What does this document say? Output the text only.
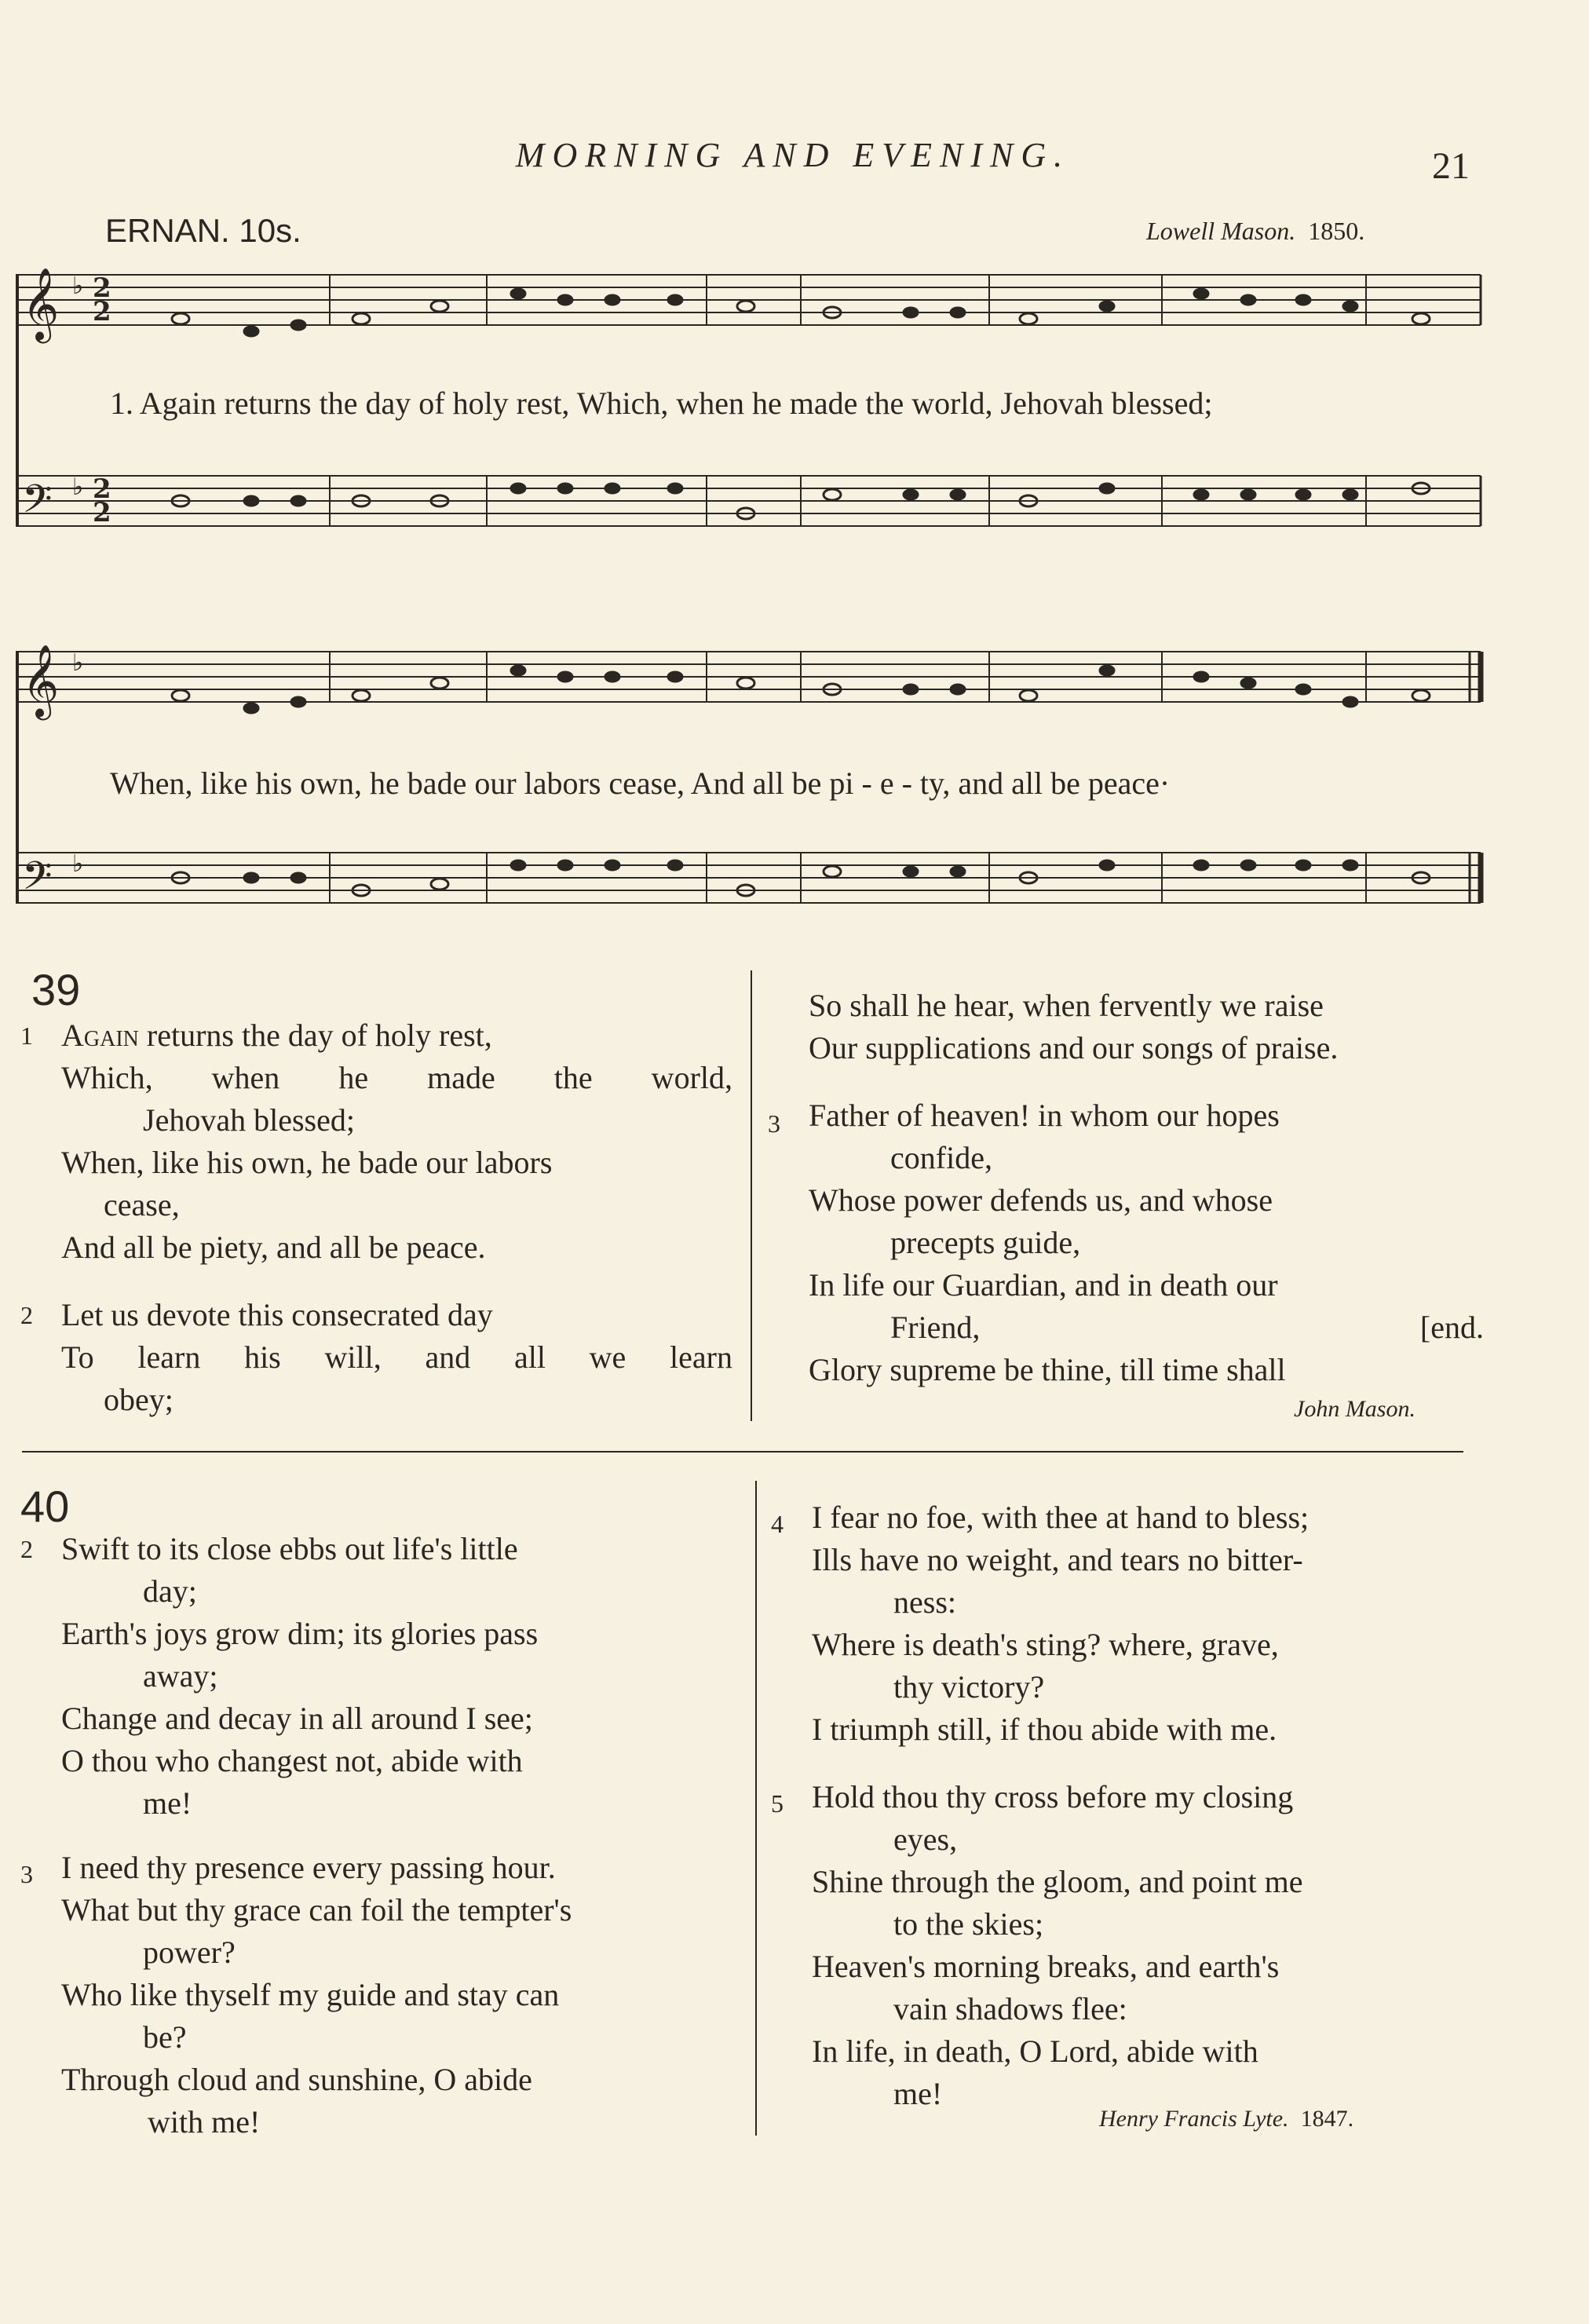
MORNING AND EVENING.	21
ERNAN. 10s.	Lowell Mason. 1850.
𝄞
𝄢
♭
♭
2
2
2
2
1. Again returns the day of holy rest, Which, when he made the world, Jehovah blessed;
𝄞
𝄢
♭
♭
When, like his own, he bade our labors cease, And all be pi - e - ty, and all be peace·
39
1 Again returns the day of holy rest,
Which, when he made the world,
Jehovah blessed;
When, like his own, he bade our labors
cease,
And all be piety, and all be peace.
2 Let us devote this consecrated day
To learn his will, and all we learn
obey;
So shall he hear, when fervently we raise
Our supplications and our songs of praise.
3 Father of heaven! in whom our hopes
confide,
Whose power defends us, and whose
precepts guide,
In life our Guardian, and in death our
Friend,	[end.
Glory supreme be thine, till time shall
John Mason.
40
2 Swift to its close ebbs out life's little
day;
Earth's joys grow dim; its glories pass
away;
Change and decay in all around I see;
O thou who changest not, abide with
me!
3 I need thy presence every passing hour.
What but thy grace can foil the tempter's
power?
Who like thyself my guide and stay can
be?
Through cloud and sunshine, O abide
with me!
4 I fear no foe, with thee at hand to bless;
Ills have no weight, and tears no bitter-
ness:
Where is death's sting? where, grave,
thy victory?
I triumph still, if thou abide with me.
5 Hold thou thy cross before my closing
eyes,
Shine through the gloom, and point me
to the skies;
Heaven's morning breaks, and earth's
vain shadows flee:
In life, in death, O Lord, abide with
me!
Henry Francis Lyte. 1847.
